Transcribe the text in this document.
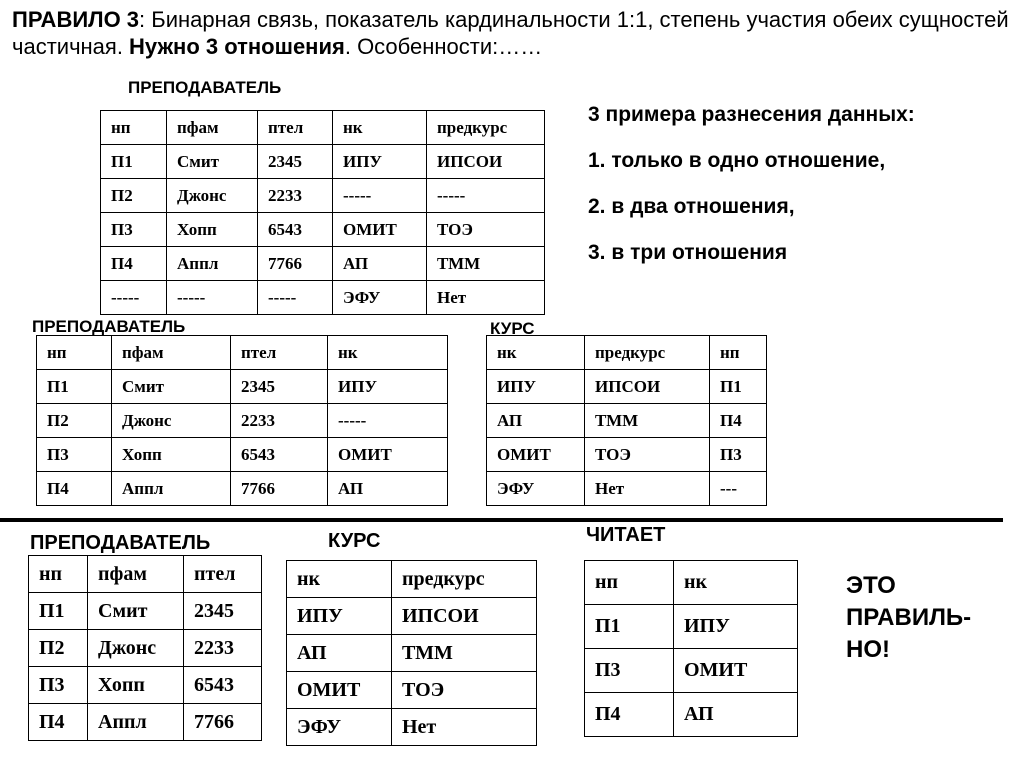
ПРАВИЛО 3: Бинарная связь, показатель кардинальности 1:1, степень участия обеих сущностей частичная. Нужно 3 отношения. Особенности:……
ПРЕПОДАВАТЕЛЬ
нп	пфам	птел	нк	предкурс
П1	Смит	2345	ИПУ	ИПСОИ
П2	Джонс	2233	-----	-----
П3	Хопп	6543	ОМИТ	ТОЭ
П4	Аппл	7766	АП	ТММ
-----	-----	-----	ЭФУ	Нет
3 примера разнесения данных:
1. только в одно отношение,
2. в два отношения,
3. в три отношения
ПРЕПОДАВАТЕЛЬ
нп	пфам	птел	нк
П1	Смит	2345	ИПУ
П2	Джонс	2233	-----
П3	Хопп	6543	ОМИТ
П4	Аппл	7766	АП
КУРС
нк	предкурс	нп
ИПУ	ИПСОИ	П1
АП	ТММ	П4
ОМИТ	ТОЭ	П3
ЭФУ	Нет	---
ПРЕПОДАВАТЕЛЬ
нп	пфам	птел
П1	Смит	2345
П2	Джонс	2233
П3	Хопп	6543
П4	Аппл	7766
КУРС
нк	предкурс
ИПУ	ИПСОИ
АП	ТММ
ОМИТ	ТОЭ
ЭФУ	Нет
ЧИТАЕТ
нп	нк
П1	ИПУ
П3	ОМИТ
П4	АП
ЭТО
ПРАВИЛЬ-
НО!
